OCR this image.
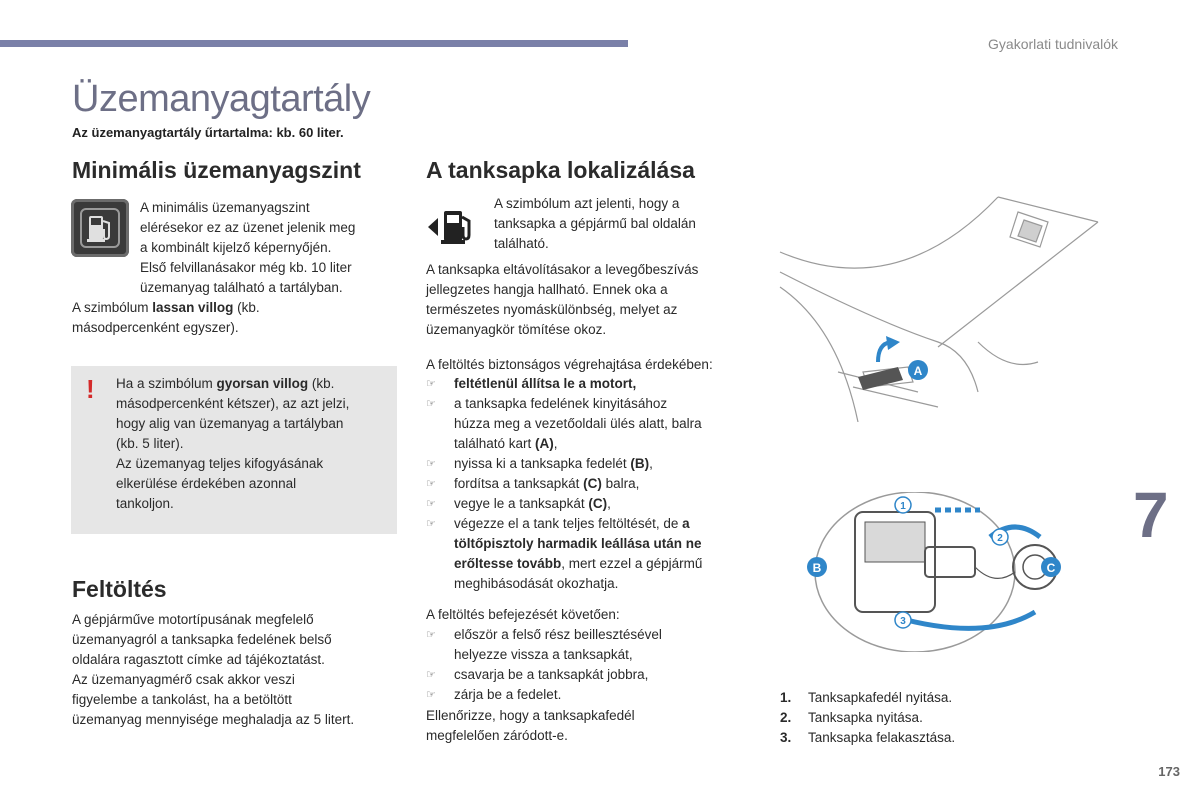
Gyakorlati tudnivalók
Üzemanyagtartály
Az üzemanyagtartály űrtartalma: kb. 60 liter.
Minimális üzemanyagszint

A minimális üzemanyagszint

elérésekor ez az üzenet jelenik meg

a kombinált kijelző képernyőjén.

Első felvillanásakor még kb. 10 liter

üzemanyag található a tartályban.

A szimbólum lassan villog (kb.

másodpercenként egyszer).

! Ha a szimbólum gyorsan villog (kb.

másodpercenként kétszer), az azt jelzi,

hogy alig van üzemanyag a tartályban

(kb. 5 liter).

Az üzemanyag teljes kifogyásának

elkerülése érdekében azonnal

tankoljon.

Feltöltés

A gépjárműve motortípusának megfelelő

üzemanyagról a tanksapka fedelének belső

oldalára ragasztott címke ad tájékoztatást.

Az üzemanyagmérő csak akkor veszi

figyelembe a tankolást, ha a betöltött

üzemanyag mennyisége meghaladja az 5 litert.

A tanksapka lokalizálása

A szimbólum azt jelenti, hogy a

tanksapka a gépjármű bal oldalán

található.

A tanksapka eltávolításakor a levegőbeszívás

jellegzetes hangja hallható. Ennek oka a

természetes nyomáskülönbség, melyet az

üzemanyagkör tömítése okoz.

A feltöltés biztonságos végrehajtása érdekében:

☞ feltétlenül állítsa le a motort,
☞ a tanksapka fedelének kinyitásához
húzza meg a vezetőoldali ülés alatt, balra
található kart (A),
☞ nyissa ki a tanksapka fedelét (B),
☞ fordítsa a tanksapkát (C) balra,
☞ vegye le a tanksapkát (C),
☞ végezze el a tank teljes feltöltését, de a
töltőpisztoly harmadik leállása után ne
erőltesse tovább, mert ezzel a gépjármű
meghibásodását okozhatja.

A feltöltés befejezését követően:

☞ először a felső rész beillesztésével
helyezze vissza a tanksapkát,
☞ csavarja be a tanksapkát jobbra,
☞ zárja be a fedelet.

Ellenőrizze, hogy a tanksapkafedél

megfelelően záródott-e.

A
1
2
3
B	C
1. Tanksapkafedél nyitása.
2. Tanksapka nyitása.
3. Tanksapka felakasztása.
7
173
